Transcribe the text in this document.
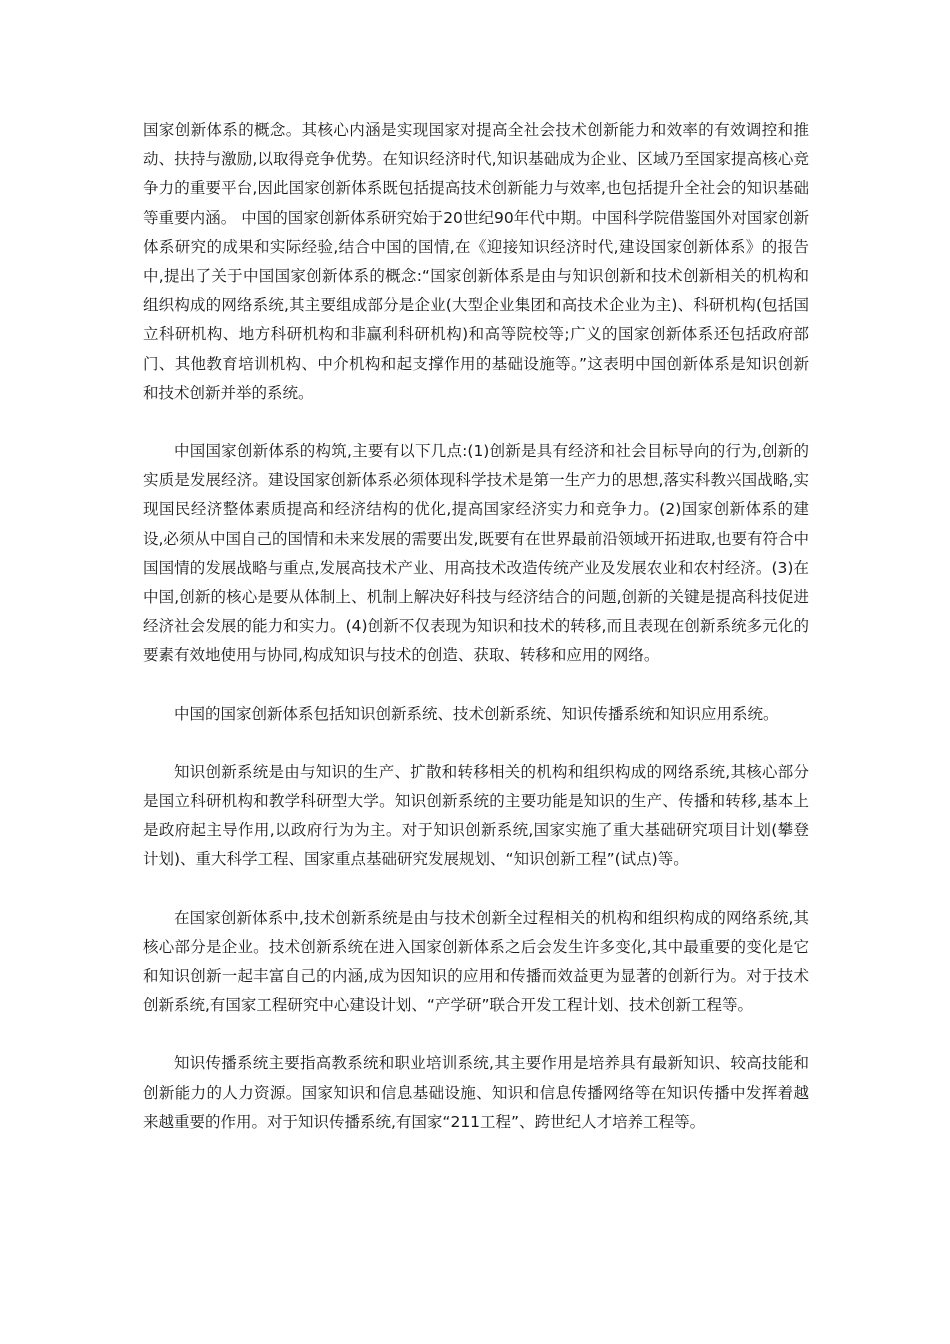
国家创新体系的概念。其核心内涵是实现国家对提高全社会技术创新能力和效率的有效调控和推动、扶持与激励,以取得竞争优势。在知识经济时代,知识基础成为企业、区域乃至国家提高核心竞争力的重要平台,因此国家创新体系既包括提高技术创新能力与效率,也包括提升全社会的知识基础等重要内涵。 中国的国家创新体系研究始于20世纪90年代中期。中国科学院借鉴国外对国家创新体系研究的成果和实际经验,结合中国的国情,在《迎接知识经济时代,建设国家创新体系》的报告中,提出了关于中国国家创新体系的概念:“国家创新体系是由与知识创新和技术创新相关的机构和组织构成的网络系统,其主要组成部分是企业(大型企业集团和高技术企业为主)、科研机构(包括国立科研机构、地方科研机构和非赢利科研机构)和高等院校等;广义的国家创新体系还包括政府部门、其他教育培训机构、中介机构和起支撑作用的基础设施等。”这表明中国创新体系是知识创新和技术创新并举的系统。

中国国家创新体系的构筑,主要有以下几点:(1)创新是具有经济和社会目标导向的行为,创新的实质是发展经济。建设国家创新体系必须体现科学技术是第一生产力的思想,落实科教兴国战略,实现国民经济整体素质提高和经济结构的优化,提高国家经济实力和竞争力。(2)国家创新体系的建设,必须从中国自己的国情和未来发展的需要出发,既要有在世界最前沿领域开拓进取,也要有符合中国国情的发展战略与重点,发展高技术产业、用高技术改造传统产业及发展农业和农村经济。(3)在中国,创新的核心是要从体制上、机制上解决好科技与经济结合的问题,创新的关键是提高科技促进经济社会发展的能力和实力。(4)创新不仅表现为知识和技术的转移,而且表现在创新系统多元化的要素有效地使用与协同,构成知识与技术的创造、获取、转移和应用的网络。

中国的国家创新体系包括知识创新系统、技术创新系统、知识传播系统和知识应用系统。

知识创新系统是由与知识的生产、扩散和转移相关的机构和组织构成的网络系统,其核心部分是国立科研机构和教学科研型大学。知识创新系统的主要功能是知识的生产、传播和转移,基本上是政府起主导作用,以政府行为为主。对于知识创新系统,国家实施了重大基础研究项目计划(攀登计划)、重大科学工程、国家重点基础研究发展规划、“知识创新工程”(试点)等。

在国家创新体系中,技术创新系统是由与技术创新全过程相关的机构和组织构成的网络系统,其核心部分是企业。技术创新系统在进入国家创新体系之后会发生许多变化,其中最重要的变化是它和知识创新一起丰富自己的内涵,成为因知识的应用和传播而效益更为显著的创新行为。对于技术创新系统,有国家工程研究中心建设计划、“产学研”联合开发工程计划、技术创新工程等。

知识传播系统主要指高教系统和职业培训系统,其主要作用是培养具有最新知识、较高技能和创新能力的人力资源。国家知识和信息基础设施、知识和信息传播网络等在知识传播中发挥着越来越重要的作用。对于知识传播系统,有国家“211工程”、跨世纪人才培养工程等。
